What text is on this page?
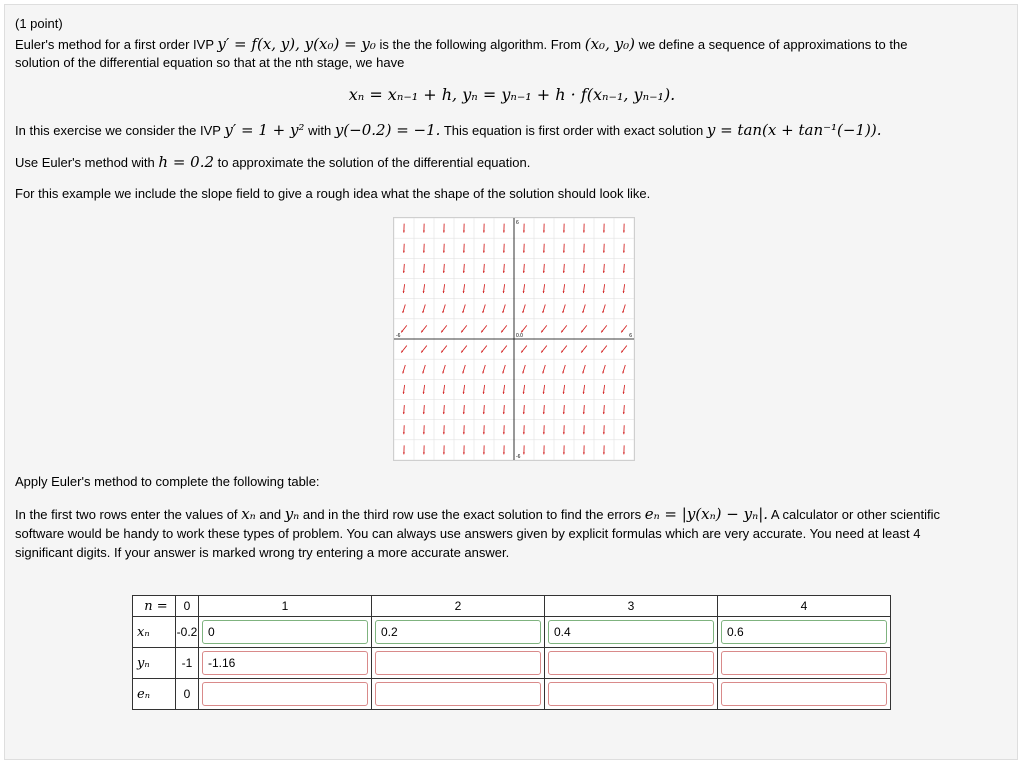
(1 point)
Euler's method for a first order IVP y′ = f(x, y), y(x₀) = y₀ is the the following algorithm. From (x₀, y₀) we define a sequence of approximations to the
solution of the differential equation so that at the nth stage, we have
xₙ = xₙ₋₁ + h, yₙ = yₙ₋₁ + h · f(xₙ₋₁, yₙ₋₁).
In this exercise we consider the IVP y′ = 1 + y² with y(−0.2) = −1. This equation is first order with exact solution y = tan(x + tan⁻¹(−1)).
Use Euler's method with h = 0.2 to approximate the solution of the differential equation.
For this example we include the slope field to give a rough idea what the shape of the solution should look like.
-6	6
6
-6
0.0
Apply Euler's method to complete the following table:
In the first two rows enter the values of xₙ and yₙ and in the third row use the exact solution to find the errors eₙ = |y(xₙ) − yₙ|. A calculator or other scientific
software would be handy to work these types of problem. You can always use answers given by explicit formulas which are very accurate. You need at least 4
significant digits. If your answer is marked wrong try entering a more accurate answer.
n =	0	1	2	3	4
xₙ	-0.2	0	0.2	0.4	0.6

yₙ	-1	-1.16			

eₙ	0	
